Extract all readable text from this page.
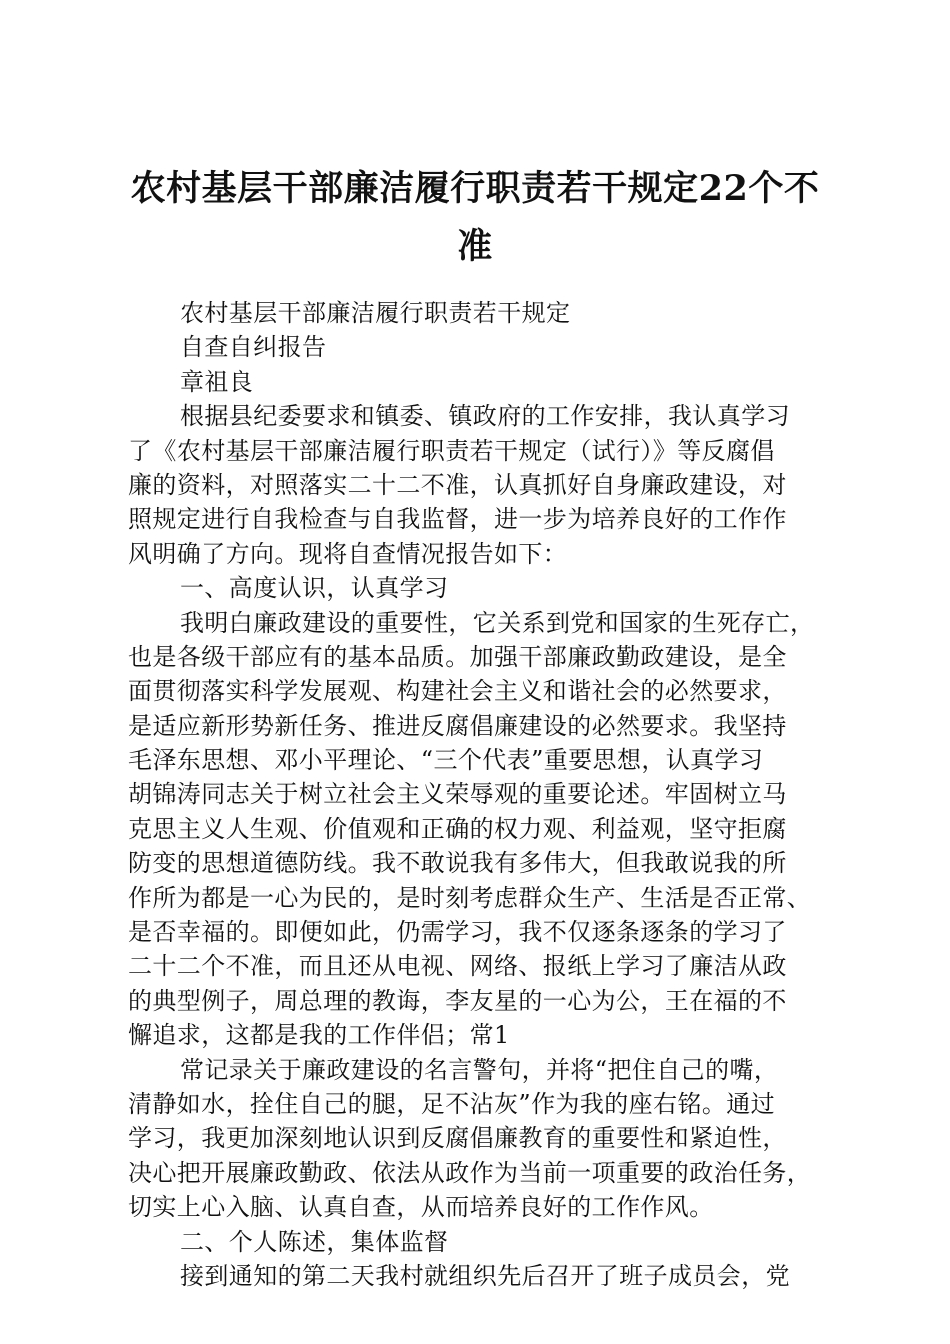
农村基层干部廉洁履行职责若干规定22个不
准
农村基层干部廉洁履行职责若干规定
自查自纠报告
章祖良
根据县纪委要求和镇委、镇政府的工作安排，我认真学习
了《农村基层干部廉洁履行职责若干规定（试行）》等反腐倡
廉的资料，对照落实二十二不准，认真抓好自身廉政建设，对
照规定进行自我检查与自我监督，进一步为培养良好的工作作
风明确了方向。现将自查情况报告如下：
一、高度认识，认真学习
我明白廉政建设的重要性，它关系到党和国家的生死存亡，
也是各级干部应有的基本品质。加强干部廉政勤政建设，是全
面贯彻落实科学发展观、构建社会主义和谐社会的必然要求，
是适应新形势新任务、推进反腐倡廉建设的必然要求。我坚持
毛泽东思想、邓小平理论、“三个代表”重要思想，认真学习
胡锦涛同志关于树立社会主义荣辱观的重要论述。牢固树立马
克思主义人生观、价值观和正确的权力观、利益观，坚守拒腐
防变的思想道德防线。我不敢说我有多伟大，但我敢说我的所
作所为都是一心为民的，是时刻考虑群众生产、生活是否正常、
是否幸福的。即便如此，仍需学习，我不仅逐条逐条的学习了
二十二个不准，而且还从电视、网络、报纸上学习了廉洁从政
的典型例子，周总理的教诲，李友星的一心为公，王在福的不
懈追求，这都是我的工作伴侣；常1
常记录关于廉政建设的名言警句，并将“把住自己的嘴，
清静如水，拴住自己的腿，足不沾灰”作为我的座右铭。通过
学习，我更加深刻地认识到反腐倡廉教育的重要性和紧迫性，
决心把开展廉政勤政、依法从政作为当前一项重要的政治任务，
切实上心入脑、认真自查，从而培养良好的工作作风。
二、个人陈述，集体监督
接到通知的第二天我村就组织先后召开了班子成员会，党
